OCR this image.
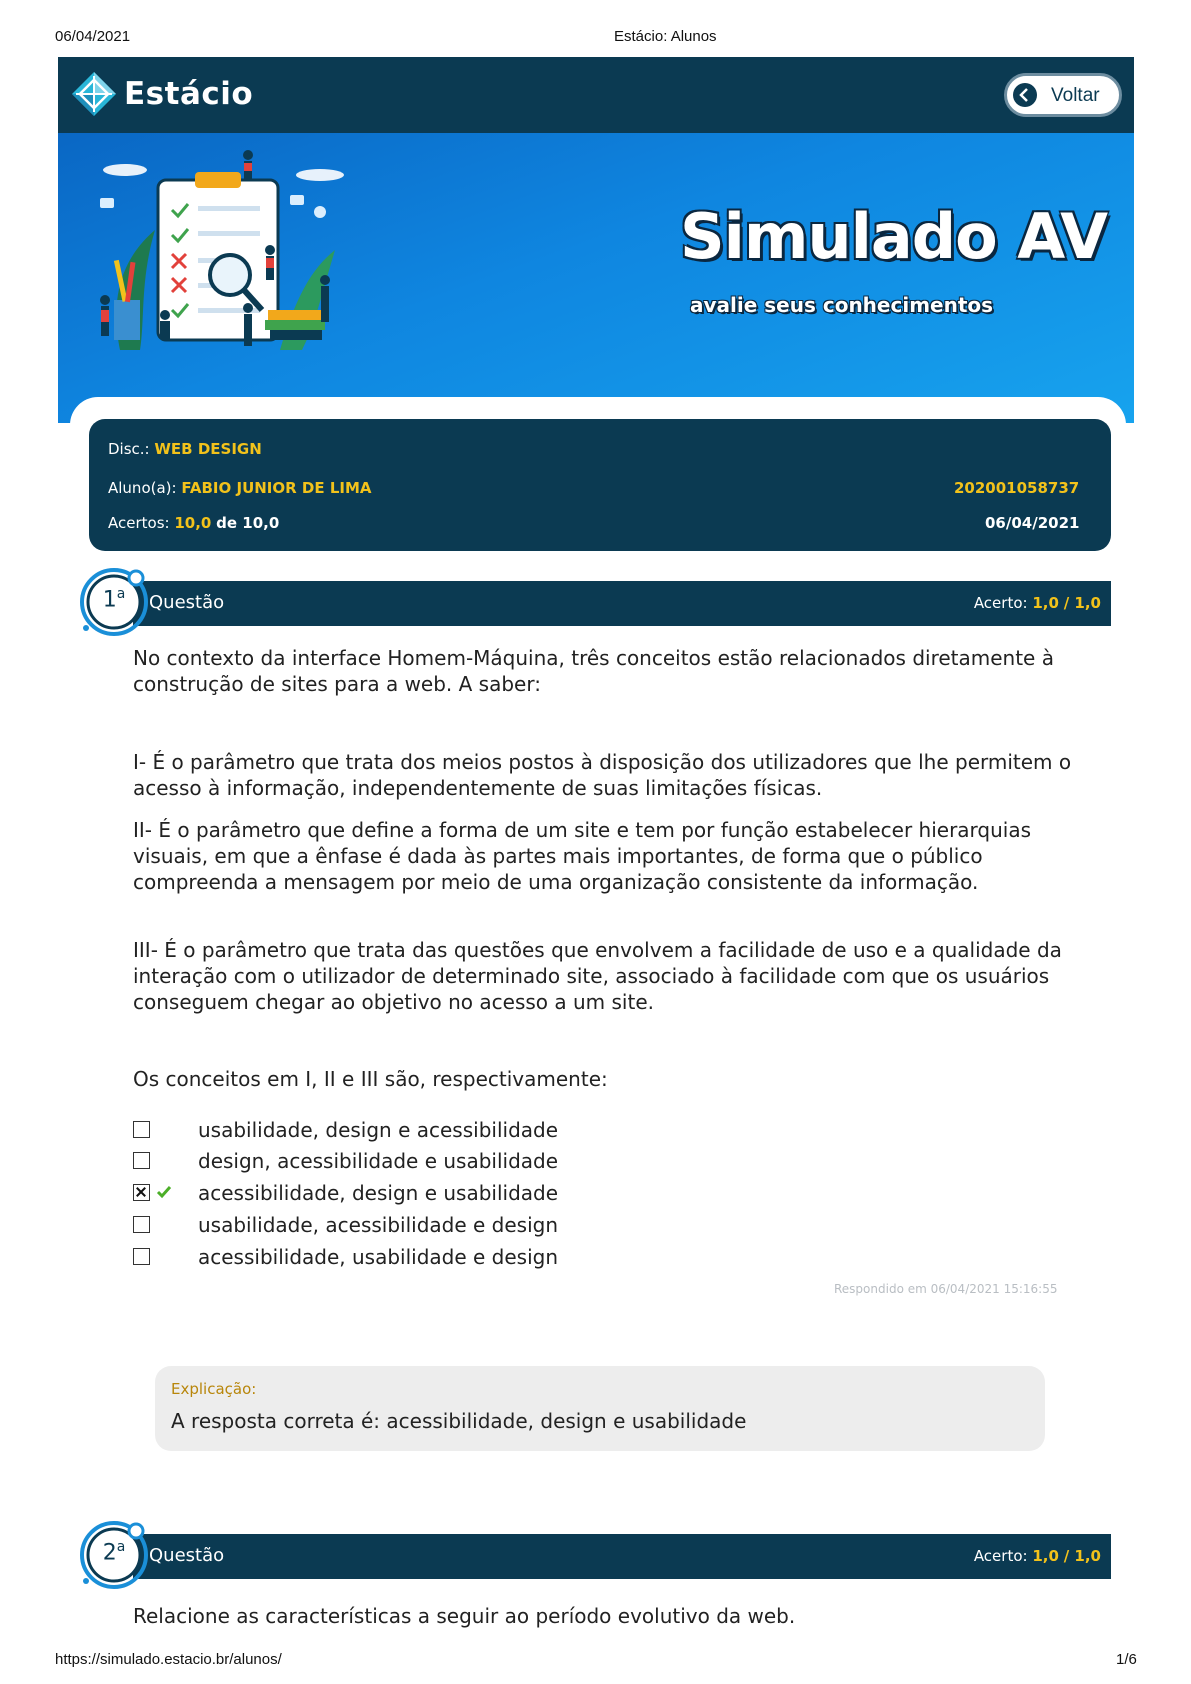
06/04/2021	Estácio: Alunos
Estácio	Voltar
Simulado AV
avalie seus conhecimentos
Disc.: WEB DESIGN
Aluno(a): FABIO JUNIOR DE LIMA	202001058737
Acertos: 10,0 de 10,0	06/04/2021
Questão	Acerto: 1,0 / 1,0
1$^a$

No contexto da interface Homem-Máquina, três conceitos estão relacionados diretamente à construção de sites para a web. A saber:

I- É o parâmetro que trata dos meios postos à disposição dos utilizadores que lhe permitem o acesso à informação, independentemente de suas limitações físicas.

II- É o parâmetro que define a forma de um site e tem por função estabelecer hierarquias visuais, em que a ênfase é dada às partes mais importantes, de forma que o público compreenda a mensagem por meio de uma organização consistente da informação.

III- É o parâmetro que trata das questões que envolvem a facilidade de uso e a qualidade da interação com o utilizador de determinado site, associado à facilidade com que os usuários conseguem chegar ao objetivo no acesso a um site.

Os conceitos em I, II e III são, respectivamente:

usabilidade, design e acessibilidade
design, acessibilidade e usabilidade
acessibilidade, design e usabilidade
usabilidade, acessibilidade e design
acessibilidade, usabilidade e design
Respondido em 06/04/2021 15:16:55
Explicação:
A resposta correta é: acessibilidade, design e usabilidade
Questão	Acerto: 1,0 / 1,0
2$^a$

Relacione as características a seguir ao período evolutivo da web.

https://simulado.estacio.br/alunos/	1/6
